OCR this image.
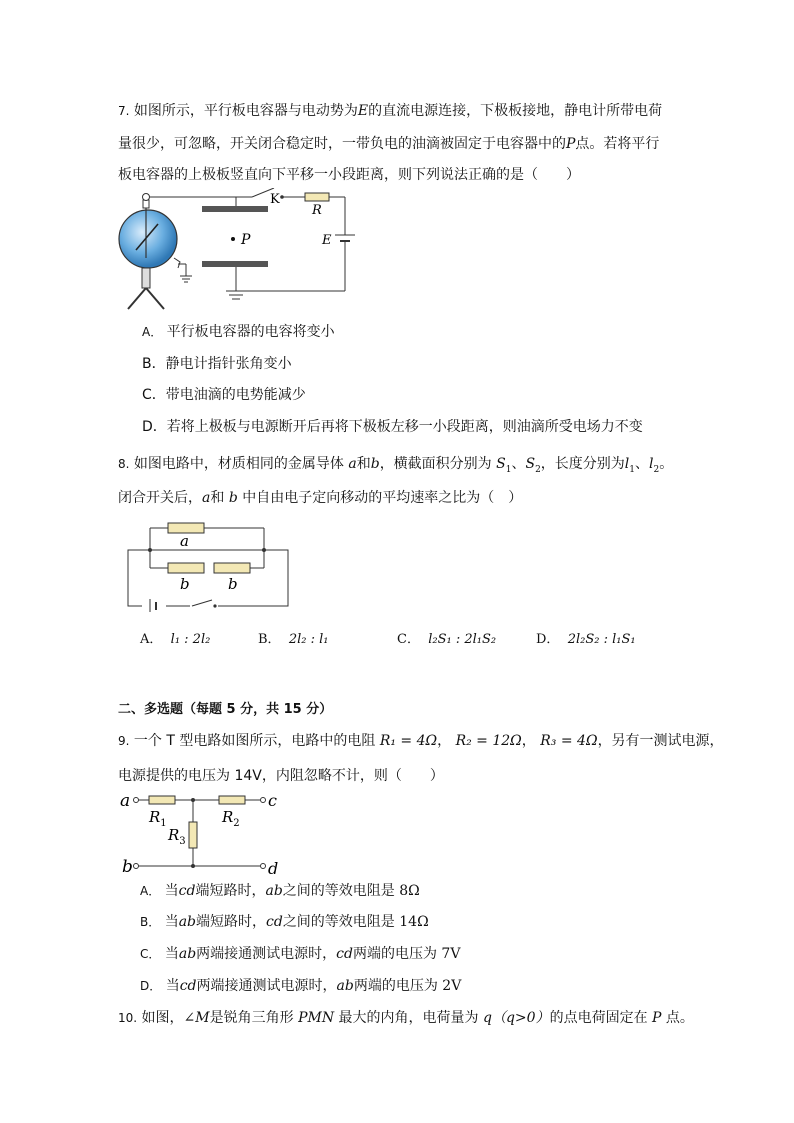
7. 如图所示，平行板电容器与电动势为E的直流电源连接，下极板接地，静电计所带电荷
量很少，可忽略，开关闭合稳定时，一带负电的油滴被固定于电容器中的P点。若将平行
板电容器的上极板竖直向下平移一小段距离，则下列说法正确的是（　　）
P
K
R
E
A． 平行板电容器的电容将变小
B．静电计指针张角变小
C．带电油滴的电势能减少
D．若将上极板与电源断开后再将下极板左移一小段距离，则油滴所受电场力不变
8. 如图电路中，材质相同的金属导体 a和b，横截面积分别为 $S_1$、$S_2$，长度分别为$l_1$、$l_2$。
闭合开关后，a和 b 中自由电子定向移动的平均速率之比为（　）
a
b	b
A． l₁ : 2l₂	B． 2l₂ : l₁	C． l₂S₁ : 2l₁S₂	D． 2l₂S₂ : l₁S₁
二、多选题（每题 5 分，共 15 分）
9. 一个 T 型电路如图所示，电路中的电阻 R₁ = 4Ω， R₂ = 12Ω， R₃ = 4Ω，另有一测试电源，
电源提供的电压为 14V，内阻忽略不计，则（　　）
a	c
b	d
$R_1$	$R_2$
$R_3$
A． 当cd端短路时，ab之间的等效电阻是 8Ω
B． 当ab端短路时，cd之间的等效电阻是 14Ω
C． 当ab两端接通测试电源时，cd两端的电压为 7V
D． 当cd两端接通测试电源时，ab两端的电压为 2V
10. 如图，∠M是锐角三角形 PMN 最大的内角，电荷量为 q（q>0）的点电荷固定在 P 点。
